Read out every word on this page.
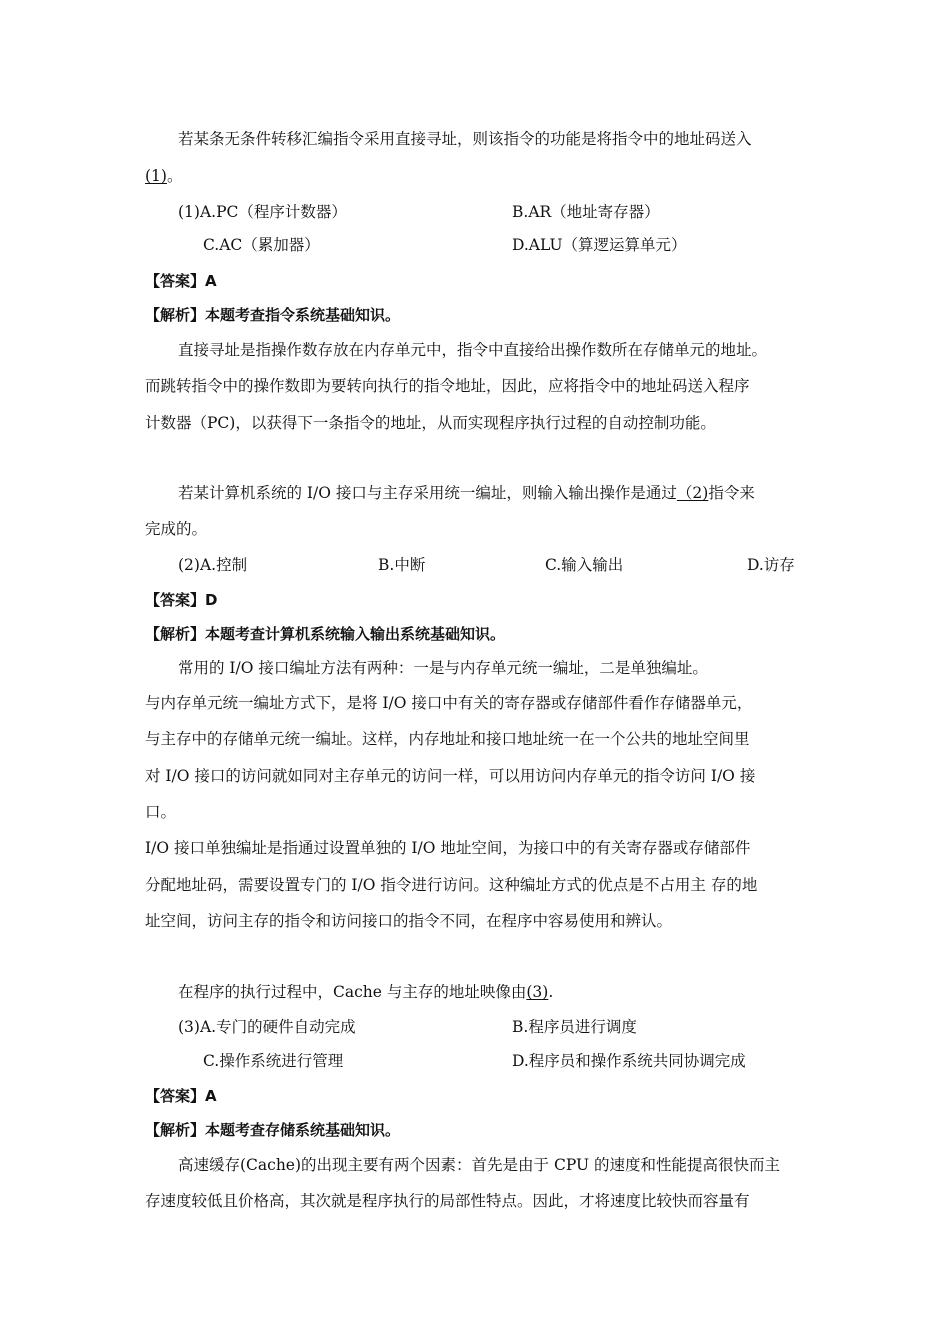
若某条无条件转移汇编指令采用直接寻址，则该指令的功能是将指令中的地址码送入
(1)。
(1)A.PC（程序计数器）	B.AR（地址寄存器）
C.AC（累加器）	D.ALU（算逻运算单元）
【答案】A
【解析】本题考查指令系统基础知识。
直接寻址是指操作数存放在内存单元中，指令中直接给出操作数所在存储单元的地址。
而跳转指令中的操作数即为要转向执行的指令地址，因此，应将指令中的地址码送入程序
计数器（PC)，以获得下一条指令的地址，从而实现程序执行过程的自动控制功能。
若某计算机系统的 I/O 接口与主存采用统一编址，则输入输出操作是通过（2)指令来
完成的。
(2)A.控制	B.中断	C.输入输出	D.访存
【答案】D
【解析】本题考查计算机系统输入输出系统基础知识。
常用的 I/O 接口编址方法有两种：一是与内存单元统一编址，二是单独编址。
与内存单元统一编址方式下，是将 I/O 接口中有关的寄存器或存储部件看作存储器单元，
与主存中的存储单元统一编址。这样，内存地址和接口地址统一在一个公共的地址空间里
对 I/O 接口的访问就如同对主存单元的访问一样，可以用访问内存单元的指令访问 I/O 接
口。
I/O 接口单独编址是指通过设置单独的 I/O 地址空间，为接口中的有关寄存器或存储部件
分配地址码，需要设置专门的 I/O 指令进行访问。这种编址方式的优点是不占用主 存的地
址空间，访问主存的指令和访问接口的指令不同，在程序中容易使用和辨认。
在程序的执行过程中，Cache 与主存的地址映像由(3).
(3)A.专门的硬件自动完成	B.程序员进行调度
C.操作系统进行管理	D.程序员和操作系统共同协调完成
【答案】A
【解析】本题考查存储系统基础知识。
高速缓存(Cache)的出现主要有两个因素：首先是由于 CPU 的速度和性能提高很快而主
存速度较低且价格高，其次就是程序执行的局部性特点。因此，才将速度比较快而容量有
